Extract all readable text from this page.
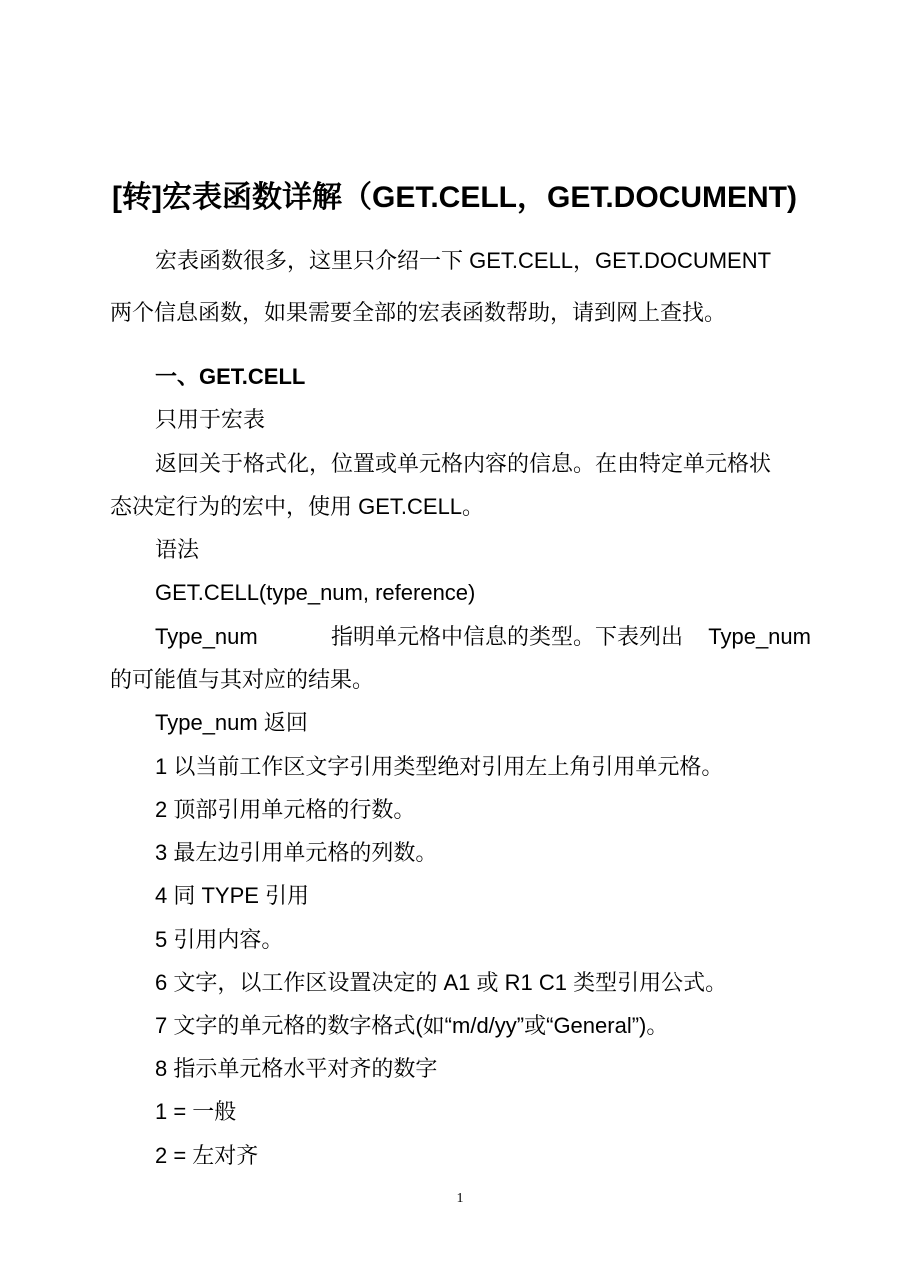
[转]宏表函数详解（GET.CELL，GET.DOCUMENT)
宏表函数很多，这里只介绍一下 GET.CELL，GET.DOCUMENT
两个信息函数，如果需要全部的宏表函数帮助，请到网上查找。
一、GET.CELL
只用于宏表
返回关于格式化，位置或单元格内容的信息。在由特定单元格状
态决定行为的宏中，使用 GET.CELL。
语法
GET.CELL(type_num, reference)
Type_num	指明单元格中信息的类型。下表列出 Type_num
的可能值与其对应的结果。
Type_num 返回
1 以当前工作区文字引用类型绝对引用左上角引用单元格。
2 顶部引用单元格的行数。
3 最左边引用单元格的列数。
4 同 TYPE 引用
5 引用内容。
6 文字，以工作区设置决定的 A1 或 R1 C1 类型引用公式。
7 文字的单元格的数字格式(如“m/d/yy”或“General”)。
8 指示单元格水平对齐的数字
1 = 一般
2 = 左对齐
1
